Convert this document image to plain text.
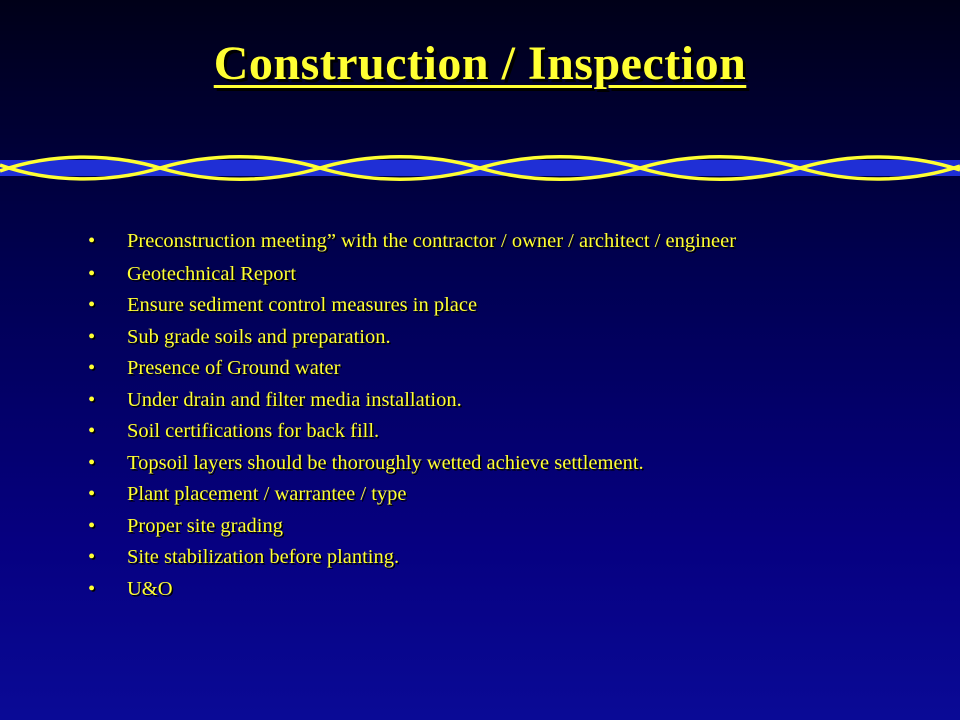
Construction / Inspection
•	Preconstruction meeting” with the contractor / owner / architect / engineer
•	Geotechnical Report
•	Ensure sediment control measures in place
•	Sub grade soils and preparation.
•	Presence of Ground water
•	Under drain and filter media installation.
•	Soil certifications for back fill.
•	Topsoil layers should be thoroughly wetted achieve settlement.
•	Plant placement / warrantee / type
•	Proper site grading
•	Site stabilization before planting.
•	U&O
